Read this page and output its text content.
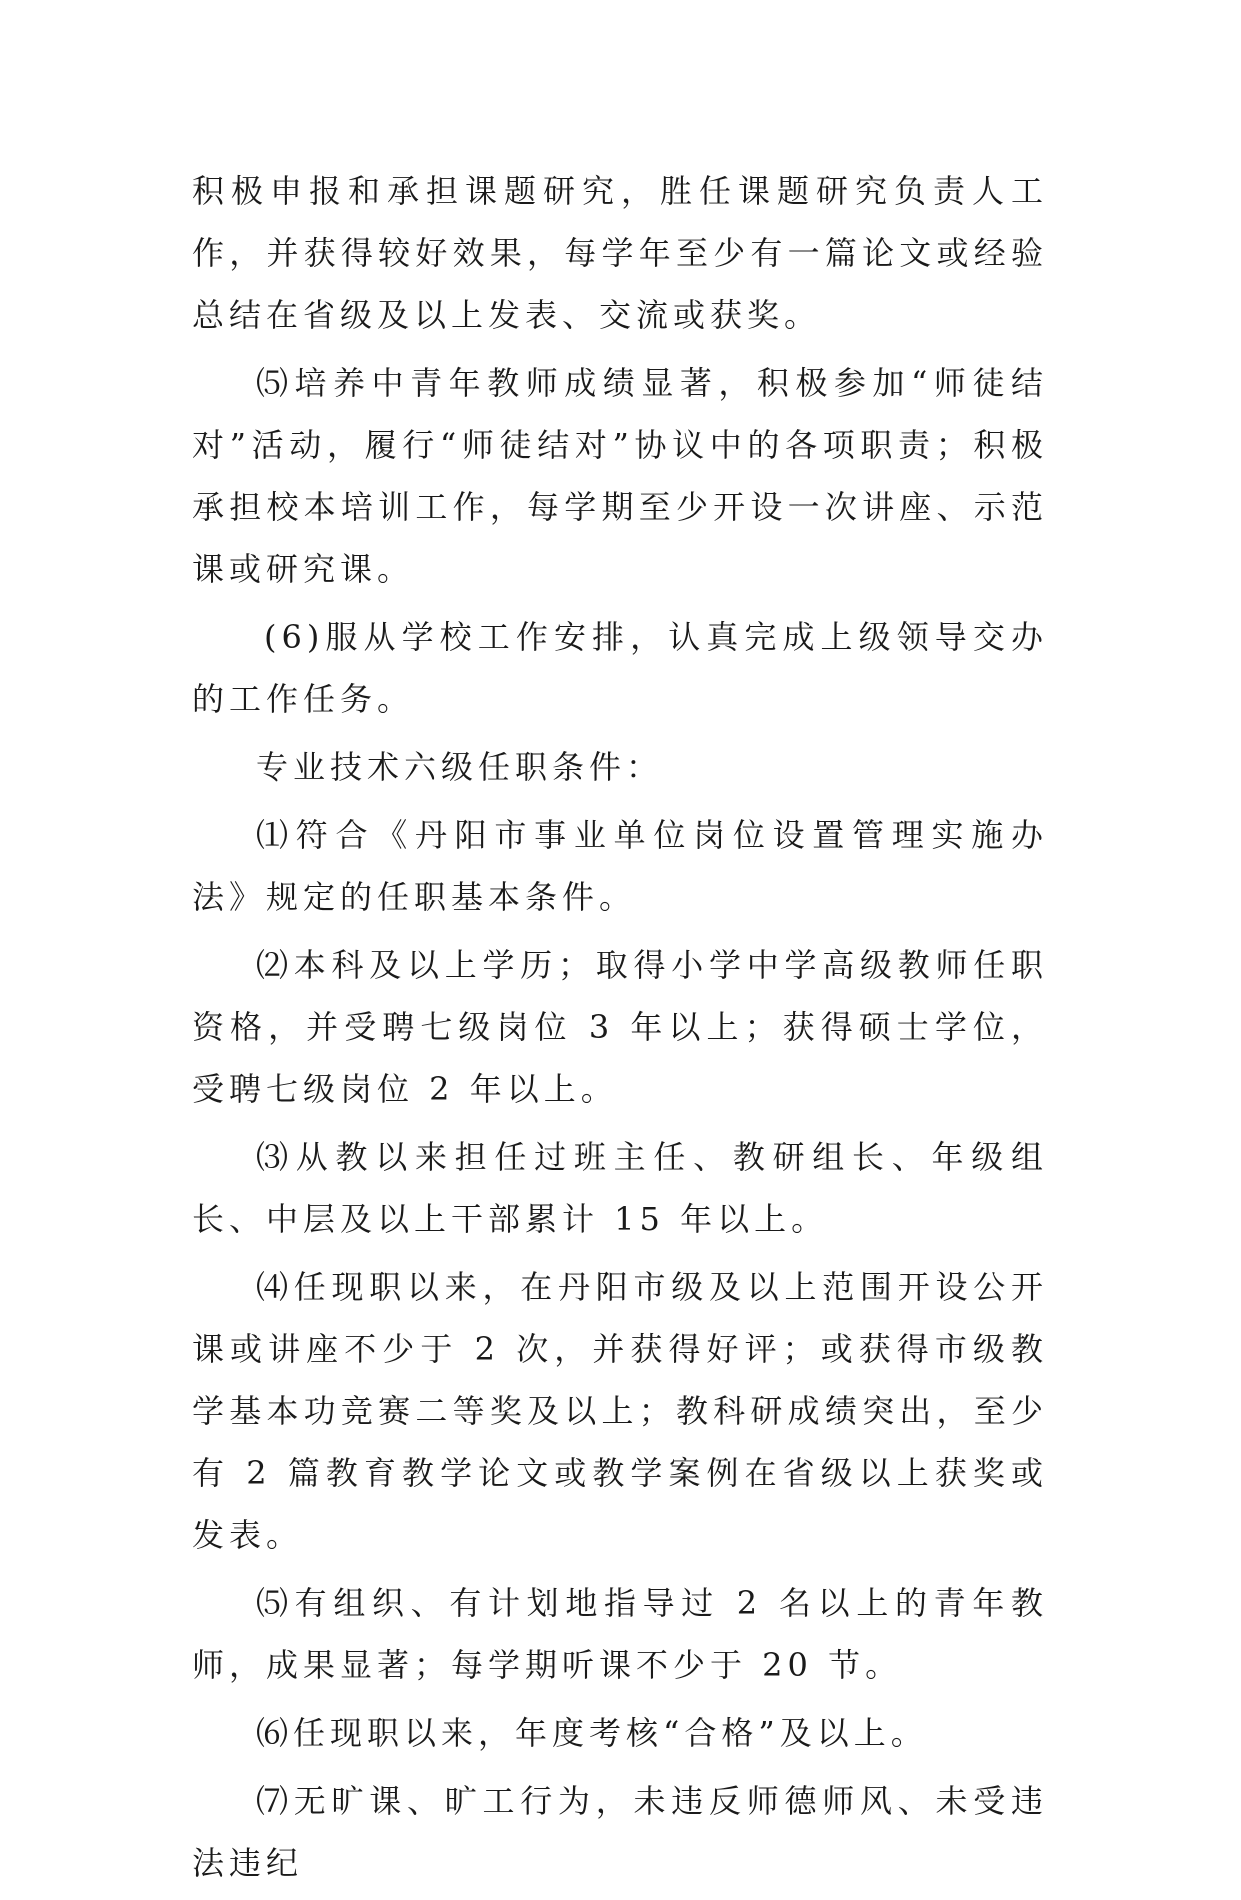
积极申报和承担课题研究，胜任课题研究负责人工作，并获得较好效果，每学年至少有一篇论文或经验总结在省级及以上发表、交流或获奖。

⑸培养中青年教师成绩显著，积极参加“师徒结对”活动，履行“师徒结对”协议中的各项职责；积极承担校本培训工作，每学期至少开设一次讲座、示范课或研究课。

(6)服从学校工作安排，认真完成上级领导交办的工作任务。

专业技术六级任职条件：

⑴符合《丹阳市事业单位岗位设置管理实施办法》规定的任职基本条件。

⑵本科及以上学历；取得小学中学高级教师任职资格，并受聘七级岗位 3 年以上；获得硕士学位，受聘七级岗位 2 年以上。

⑶从教以来担任过班主任、教研组长、年级组长、中层及以上干部累计 15 年以上。

⑷任现职以来，在丹阳市级及以上范围开设公开课或讲座不少于 2 次，并获得好评；或获得市级教学基本功竞赛二等奖及以上；教科研成绩突出，至少有 2 篇教育教学论文或教学案例在省级以上获奖或发表。

⑸有组织、有计划地指导过 2 名以上的青年教师，成果显著；每学期听课不少于 20 节。

⑹任现职以来，年度考核“合格”及以上。

⑺无旷课、旷工行为，未违反师德师风、未受违法违纪
